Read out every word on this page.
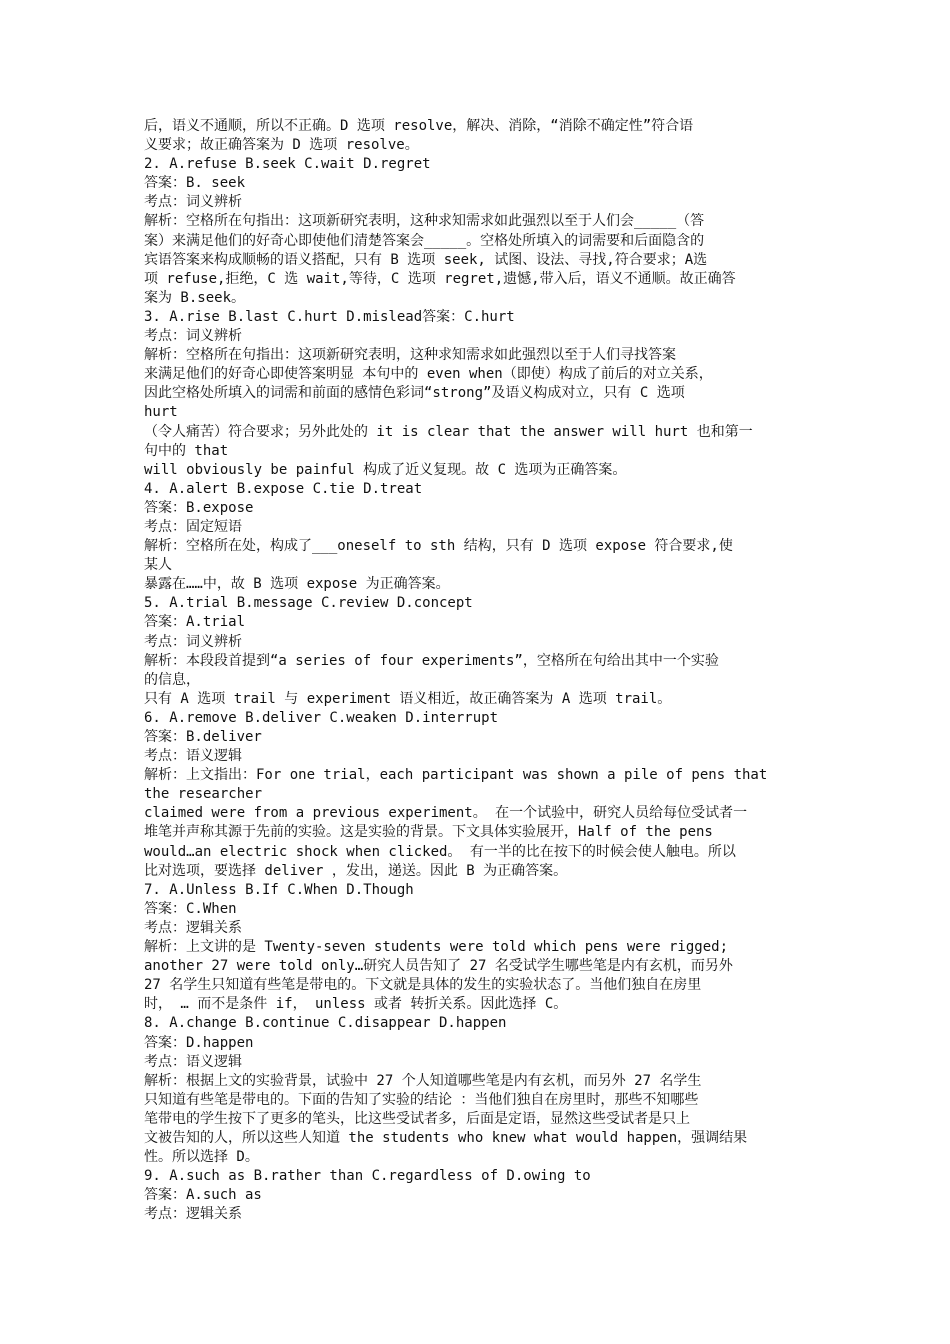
后，语义不通顺，所以不正确。D 选项 resolve，解决、消除，“消除不确定性”符合语
义要求；故正确答案为 D 选项 resolve。
2. A.refuse B.seek C.wait D.regret
答案：B. seek
考点：词义辨析
解析：空格所在句指出：这项新研究表明，这种求知需求如此强烈以至于人们会_____（答
案）来满足他们的好奇心即使他们清楚答案会_____。空格处所填入的词需要和后面隐含的
宾语答案来构成顺畅的语义搭配，只有 B 选项 seek, 试图、设法、寻找,符合要求；A选
项 refuse,拒绝，C 选 wait,等待，C 选项 regret,遗憾,带入后，语义不通顺。故正确答
案为 B.seek。
3. A.rise B.last C.hurt D.mislead答案：C.hurt
考点：词义辨析
解析：空格所在句指出：这项新研究表明，这种求知需求如此强烈以至于人们寻找答案
来满足他们的好奇心即使答案明显 本句中的 even when（即使）构成了前后的对立关系，
因此空格处所填入的词需和前面的感情色彩词“strong”及语义构成对立，只有 C 选项
hurt
（令人痛苦）符合要求；另外此处的 it is clear that the answer will hurt 也和第一
句中的 that
will obviously be painful 构成了近义复现。故 C 选项为正确答案。
4. A.alert B.expose C.tie D.treat
答案：B.expose
考点：固定短语
解析：空格所在处，构成了___oneself to sth 结构，只有 D 选项 expose 符合要求,使
某人
暴露在……中，故 B 选项 expose 为正确答案。
5. A.trial B.message C.review D.concept
答案：A.trial
考点：词义辨析
解析：本段段首提到“a series of four experiments”，空格所在句给出其中一个实验
的信息，
只有 A 选项 trail 与 experiment 语义相近，故正确答案为 A 选项 trail。
6. A.remove B.deliver C.weaken D.interrupt
答案：B.deliver
考点：语义逻辑
解析：上文指出：For one trial，each participant was shown a pile of pens that
the researcher
claimed were from a previous experiment。 在一个试验中，研究人员给每位受试者一
堆笔并声称其源于先前的实验。这是实验的背景。下文具体实验展开，Half of the pens
would…an electric shock when clicked。 有一半的比在按下的时候会使人触电。所以
比对选项，要选择 deliver ，发出，递送。因此 B 为正确答案。
7. A.Unless B.If C.When D.Though
答案：C.When
考点：逻辑关系
解析：上文讲的是 Twenty-seven students were told which pens were rigged;
another 27 were told only…研究人员告知了 27 名受试学生哪些笔是内有玄机，而另外
27 名学生只知道有些笔是带电的。下文就是具体的发生的实验状态了。当他们独自在房里
时， … 而不是条件 if， unless 或者 转折关系。因此选择 C。
8. A.change B.continue C.disappear D.happen
答案：D.happen
考点：语义逻辑
解析：根据上文的实验背景，试验中 27 个人知道哪些笔是内有玄机，而另外 27 名学生
只知道有些笔是带电的。下面的告知了实验的结论 ：当他们独自在房里时，那些不知哪些
笔带电的学生按下了更多的笔头，比这些受试者多，后面是定语，显然这些受试者是只上
文被告知的人，所以这些人知道 the students who knew what would happen，强调结果
性。所以选择 D。
9. A.such as B.rather than C.regardless of D.owing to
答案：A.such as
考点：逻辑关系
